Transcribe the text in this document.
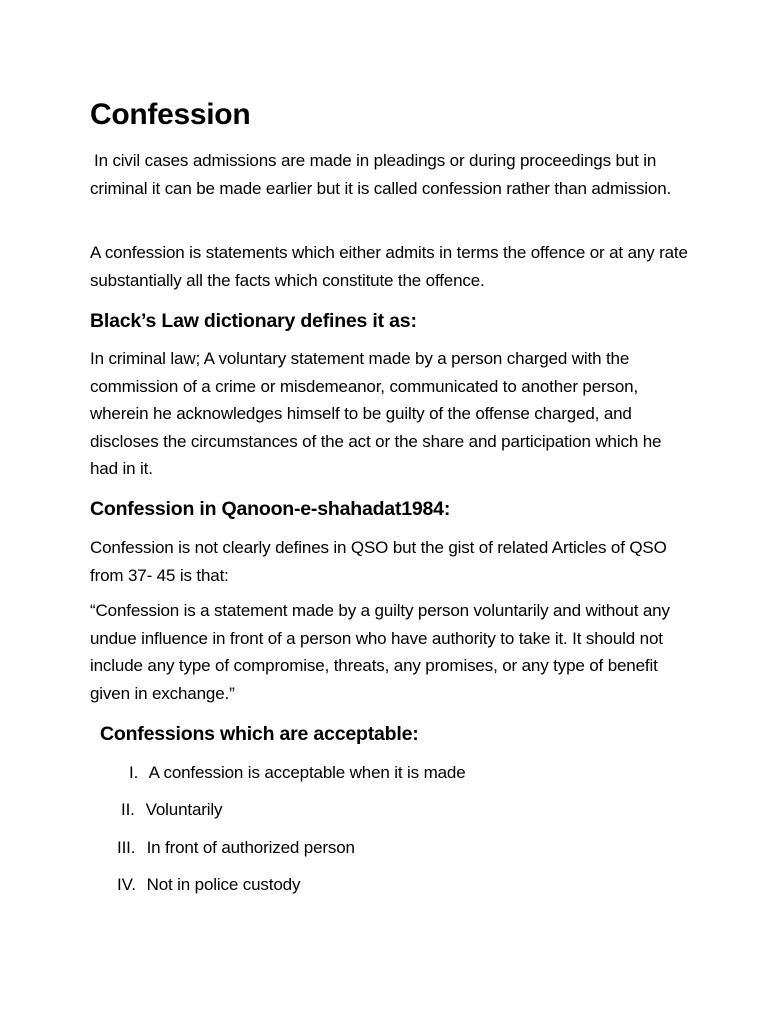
Confession

In civil cases admissions are made in pleadings or during proceedings but in criminal it can be made earlier but it is called confession rather than admission.

A confession is statements which either admits in terms the offence or at any rate substantially all the facts which constitute the offence.

Black’s Law dictionary defines it as:

In criminal law; A voluntary statement made by a person charged with the commission of a crime or misdemeanor, communicated to another person, wherein he acknowledges himself to be guilty of the offense charged, and discloses the circumstances of the act or the share and participation which he had in it.

Confession in Qanoon-e-shahadat1984:

Confession is not clearly defines in QSO but the gist of related Articles of QSO from 37- 45 is that:

“Confession is a statement made by a guilty person voluntarily and without any undue influence in front of a person who have authority to take it. It should not include any type of compromise, threats, any promises, or any type of benefit given in exchange.”

Confessions which are acceptable:

I. A confession is acceptable when it is made

II. Voluntarily

III. In front of authorized person

IV. Not in police custody
